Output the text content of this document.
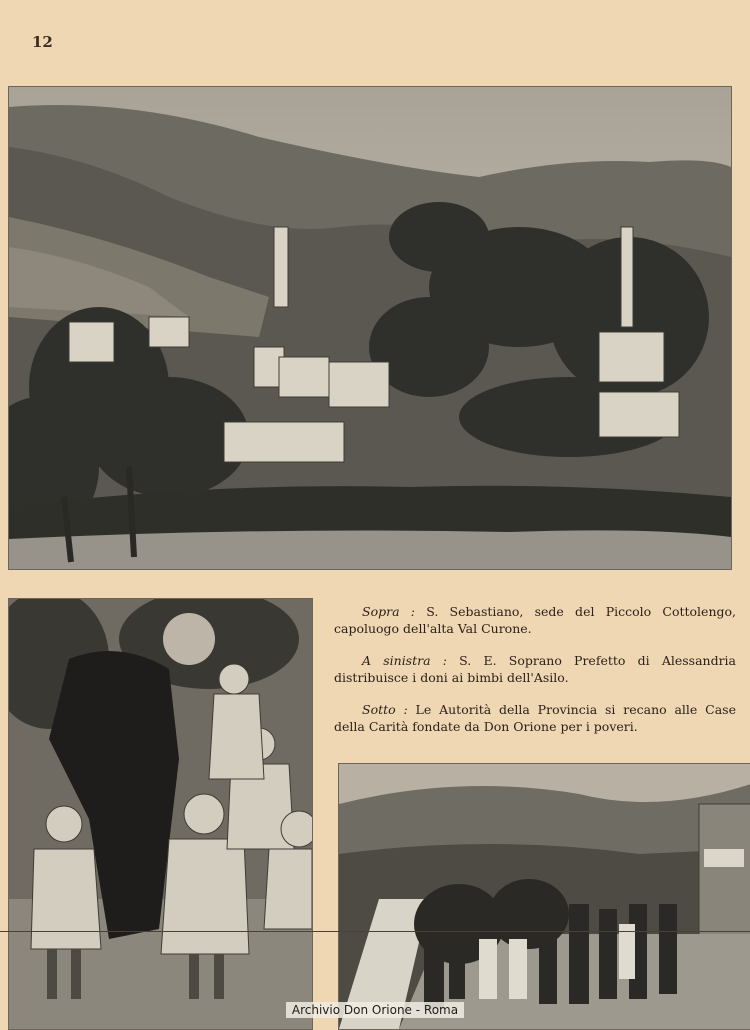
12

Sopra : S. Sebastiano, sede del Piccolo Cottolengo, capoluogo dell'alta Val Curone.

A sinistra : S. E. Soprano Prefetto di Alessandria distribuisce i doni ai bimbi dell'Asilo.

Sotto : Le Autorità della Provincia si recano alle Case della Carità fondate da Don Orione per i poveri.

Archivio Don Orione - Roma
